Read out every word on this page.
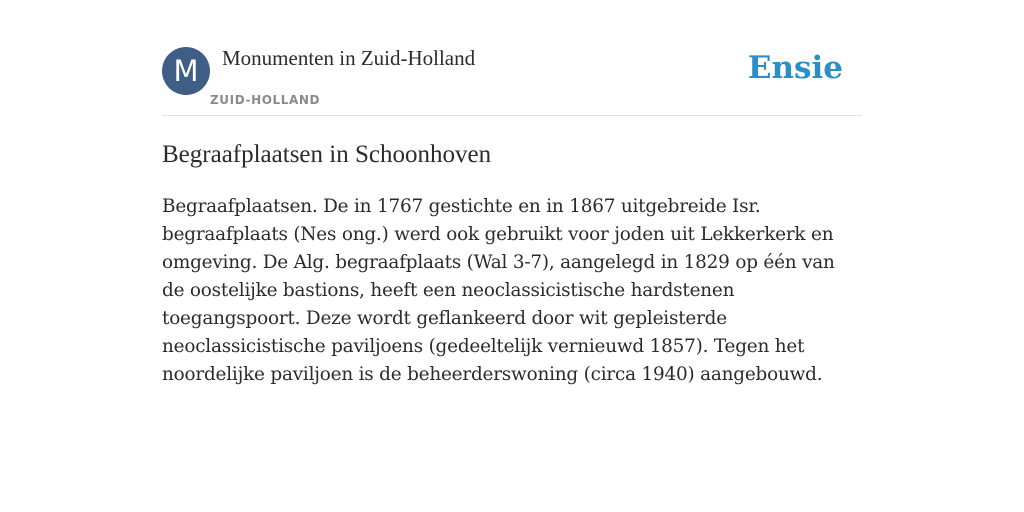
M	Monumenten in Zuid-Holland
ZUID-HOLLAND
Ensie
Begraafplaatsen in Schoonhoven

Begraafplaatsen. De in 1767 gestichte en in 1867 uitgebreide Isr. begraafplaats (Nes ong.) werd ook gebruikt voor joden uit Lekkerkerk en omgeving. De Alg. begraafplaats (Wal 3-7), aangelegd in 1829 op één van de oostelijke bastions, heeft een neoclassicistische hardstenen toegangspoort. Deze wordt geflankeerd door wit gepleisterde neoclassicistische paviljoens (gedeeltelijk vernieuwd 1857). Tegen het noordelijke paviljoen is de beheerderswoning (circa 1940) aangebouwd.
